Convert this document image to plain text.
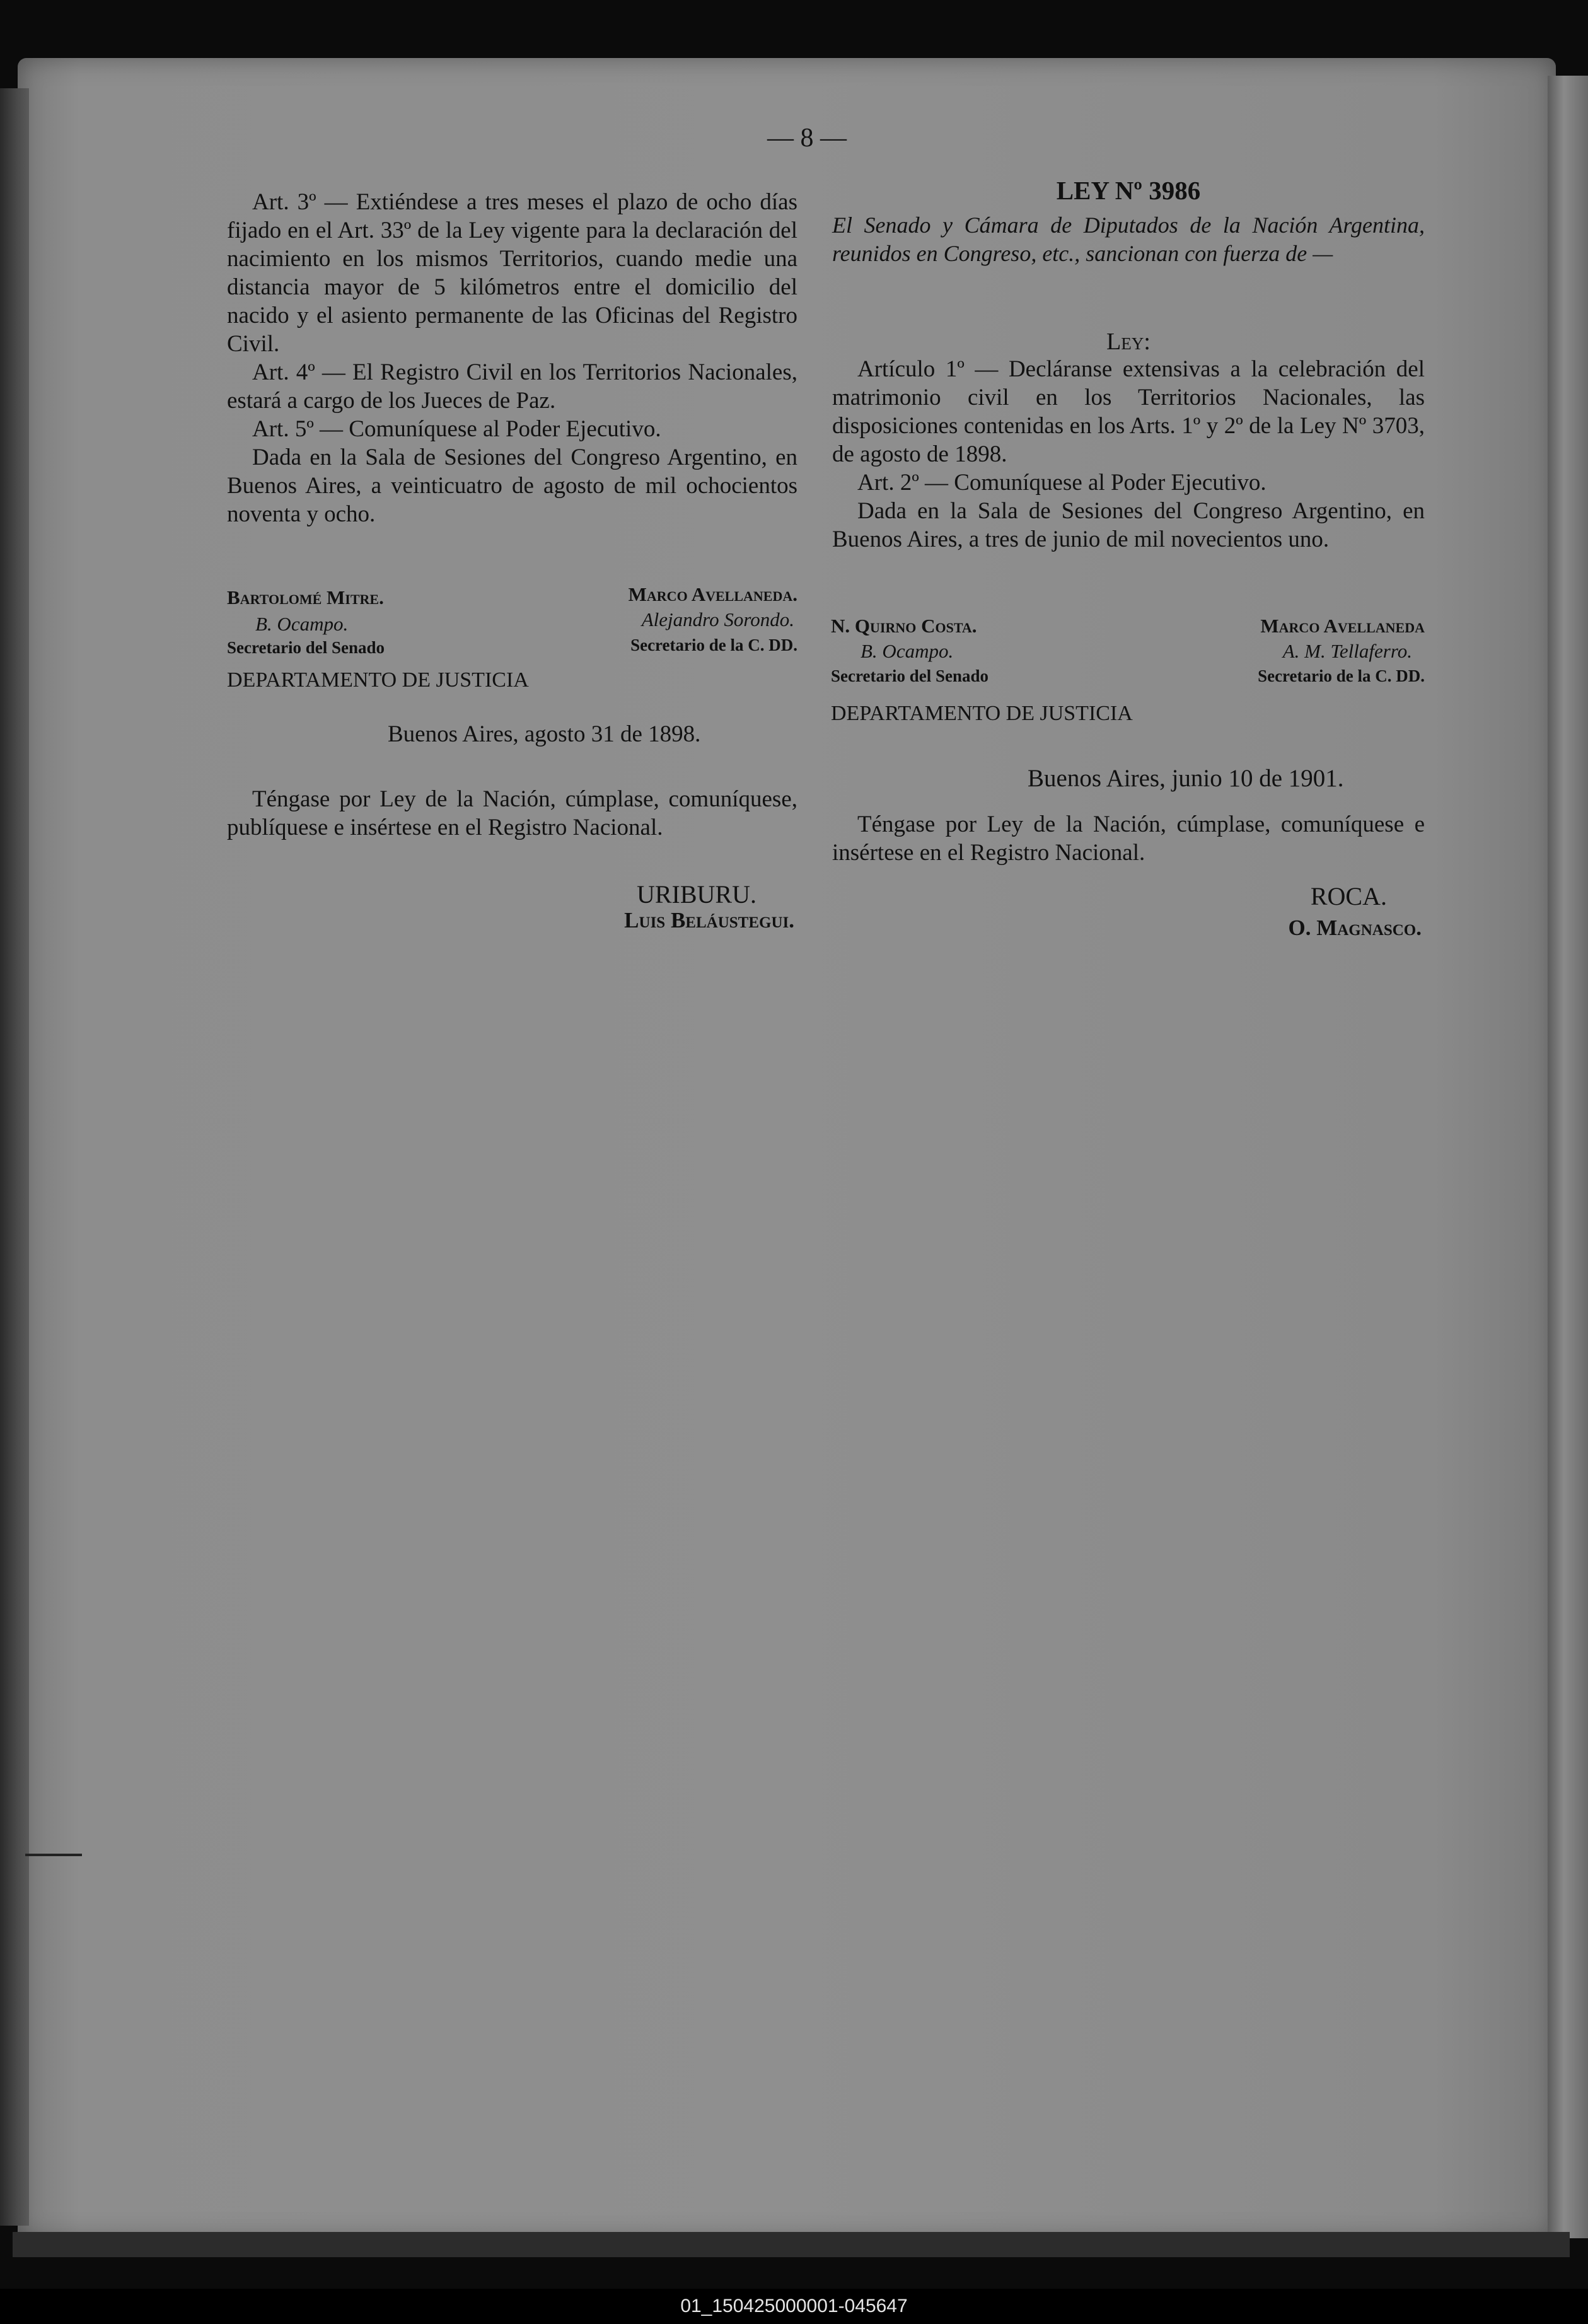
— 8 —

Art. 3º — Extiéndese a tres meses el plazo de ocho días fijado en el Art. 33º de la Ley vigente para la declaración del nacimiento en los mismos Territorios, cuando medie una distancia mayor de 5 kilómetros entre el domicilio del nacido y el asiento permanente de las Oficinas del Registro Civil.

Art. 4º — El Registro Civil en los Territorios Nacionales, estará a cargo de los Jueces de Paz.

Art. 5º — Comuníquese al Poder Ejecutivo.

Dada en la Sala de Sesiones del Congreso Argentino, en Buenos Aires, a veinticuatro de agosto de mil ochocientos noventa y ocho.

Bartolomé Mitre.
B. Ocampo.
Secretario del Senado
Marco Avellaneda.
Alejandro Sorondo.
Secretario de la C. DD.
DEPARTAMENTO DE JUSTICIA
Buenos Aires, agosto 31 de 1898.
Téngase por Ley de la Nación, cúmplase, comuníquese, publíquese e insértese en el Registro Nacional.
URIBURU.
Luis Beláustegui.
LEY Nº 3986
El Senado y Cámara de Diputados de la Nación Argentina, reunidos en Congreso, etc., sancionan con fuerza de —
Ley:

Artículo 1º — Decláranse extensivas a la celebración del matrimonio civil en los Territorios Nacionales, las disposiciones contenidas en los Arts. 1º y 2º de la Ley Nº 3703, de agosto de 1898.

Art. 2º — Comuníquese al Poder Ejecutivo.

Dada en la Sala de Sesiones del Congreso Argentino, en Buenos Aires, a tres de junio de mil novecientos uno.

N. Quirno Costa.
B. Ocampo.
Secretario del Senado
Marco Avellaneda
A. M. Tellaferro.
Secretario de la C. DD.
DEPARTAMENTO DE JUSTICIA
Buenos Aires, junio 10 de 1901.
Téngase por Ley de la Nación, cúmplase, comuníquese e insértese en el Registro Nacional.
ROCA.
O. Magnasco.
01_150425000001-045647
